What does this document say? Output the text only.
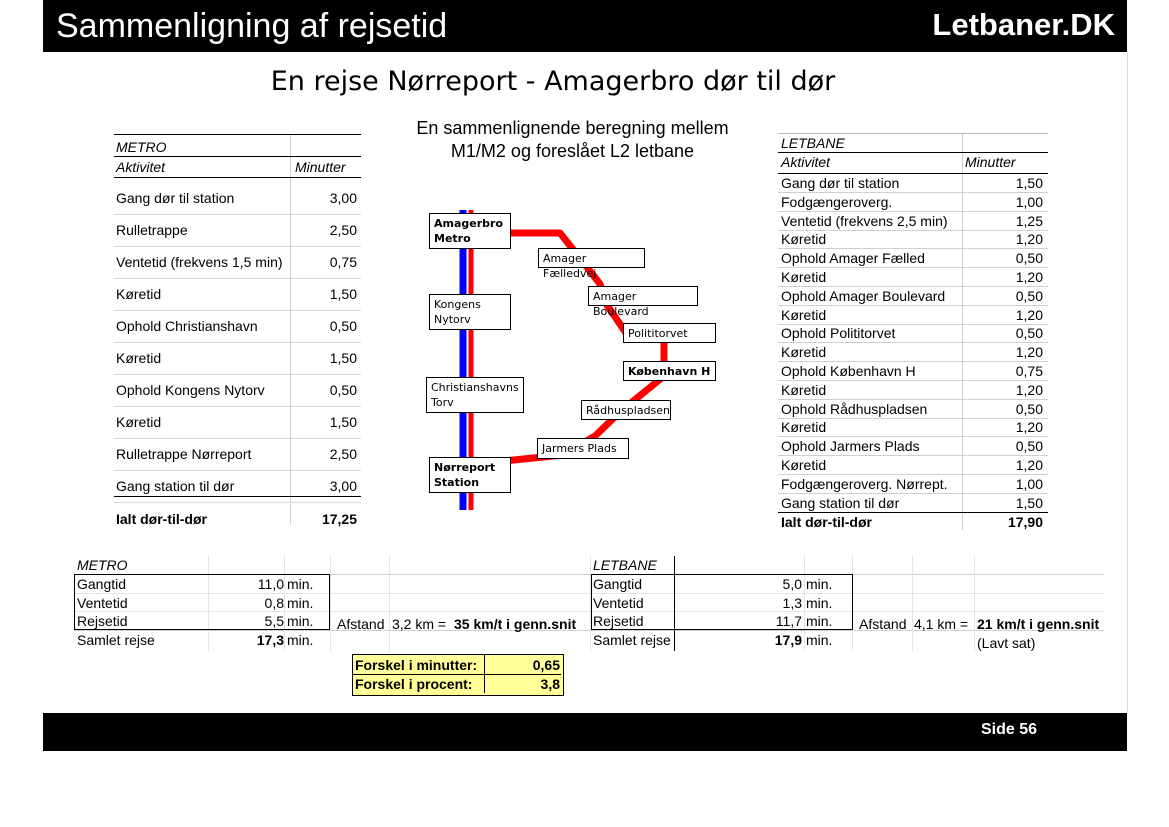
Sammenligning af rejsetid	Letbaner.DK
En rejse Nørreport - Amagerbro dør til dør
METRO
Aktivitet	Minutter
Gang dør til station	3,00
Rulletrappe	2,50
Ventetid (frekvens 1,5 min)	0,75
Køretid	1,50
Ophold Christianshavn	0,50
Køretid	1,50
Ophold Kongens Nytorv	0,50
Køretid	1,50
Rulletrappe Nørreport	2,50
Gang station til dør	3,00
Ialt dør-til-dør	17,25
En sammenlignende beregning mellem
M1/M2 og foreslået L2 letbane
Amagerbro
Metro
Kongens
Nytorv
Christianshavns
Torv
Nørreport
Station
Amager Fælledvej
Amager Boulevard
Polititorvet
København H
Rådhuspladsen
Jarmers Plads
LETBANE
Aktivitet	Minutter
Gang dør til station	1,50
Fodgængeroverg.	1,00
Ventetid (frekvens 2,5 min)	1,25
Køretid	1,20
Ophold Amager Fælled	0,50
Køretid	1,20
Ophold Amager Boulevard	0,50
Køretid	1,20
Ophold Polititorvet	0,50
Køretid	1,20
Ophold København H	0,75
Køretid	1,20
Ophold Rådhuspladsen	0,50
Køretid	1,20
Ophold Jarmers Plads	0,50
Køretid	1,20
Fodgængeroverg. Nørrept.	1,00
Gang station til dør	1,50
Ialt dør-til-dør	17,90
METRO	LETBANE
Gangtid	11,0 min.
Ventetid	0,8 min.
Rejsetid	5,5 min.
Samlet rejse	17,3 min.
Gangtid	5,0 min.
Ventetid	1,3 min.
Rejsetid	11,7 min.
Samlet rejse	17,9 min.
Afstand 3,2 km = 35 km/t i genn.snit	Afstand 4,1 km = 21 km/t i genn.snit
(Lavt sat)
Forskel i minutter:	0,65
Forskel i procent:	3,8
Side 56
